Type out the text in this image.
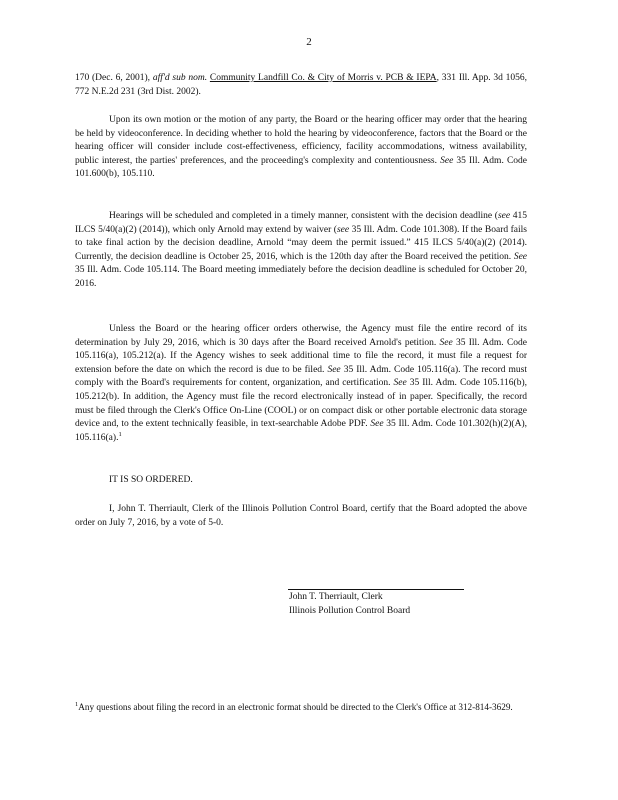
2

170 (Dec. 6, 2001), aff'd sub nom. Community Landfill Co. & City of Morris v. PCB & IEPA, 331 Ill. App. 3d 1056, 772 N.E.2d 231 (3rd Dist. 2002).

Upon its own motion or the motion of any party, the Board or the hearing officer may order that the hearing be held by videoconference. In deciding whether to hold the hearing by videoconference, factors that the Board or the hearing officer will consider include cost-effectiveness, efficiency, facility accommodations, witness availability, public interest, the parties' preferences, and the proceeding's complexity and contentiousness. See 35 Ill. Adm. Code 101.600(b), 105.110.

Hearings will be scheduled and completed in a timely manner, consistent with the decision deadline (see 415 ILCS 5/40(a)(2) (2014)), which only Arnold may extend by waiver (see 35 Ill. Adm. Code 101.308). If the Board fails to take final action by the decision deadline, Arnold “may deem the permit issued.” 415 ILCS 5/40(a)(2) (2014). Currently, the decision deadline is October 25, 2016, which is the 120th day after the Board received the petition. See 35 Ill. Adm. Code 105.114. The Board meeting immediately before the decision deadline is scheduled for October 20, 2016.

Unless the Board or the hearing officer orders otherwise, the Agency must file the entire record of its determination by July 29, 2016, which is 30 days after the Board received Arnold's petition. See 35 Ill. Adm. Code 105.116(a), 105.212(a). If the Agency wishes to seek additional time to file the record, it must file a request for extension before the date on which the record is due to be filed. See 35 Ill. Adm. Code 105.116(a). The record must comply with the Board's requirements for content, organization, and certification. See 35 Ill. Adm. Code 105.116(b), 105.212(b). In addition, the Agency must file the record electronically instead of in paper. Specifically, the record must be filed through the Clerk's Office On-Line (COOL) or on compact disk or other portable electronic data storage device and, to the extent technically feasible, in text-searchable Adobe PDF. See 35 Ill. Adm. Code 101.302(h)(2)(A), 105.116(a).$^1$

IT IS SO ORDERED.

I, John T. Therriault, Clerk of the Illinois Pollution Control Board, certify that the Board adopted the above order on July 7, 2016, by a vote of 5-0.

John T. Therriault, Clerk
Illinois Pollution Control Board

$^1$Any questions about filing the record in an electronic format should be directed to the Clerk's Office at 312-814-3629.
